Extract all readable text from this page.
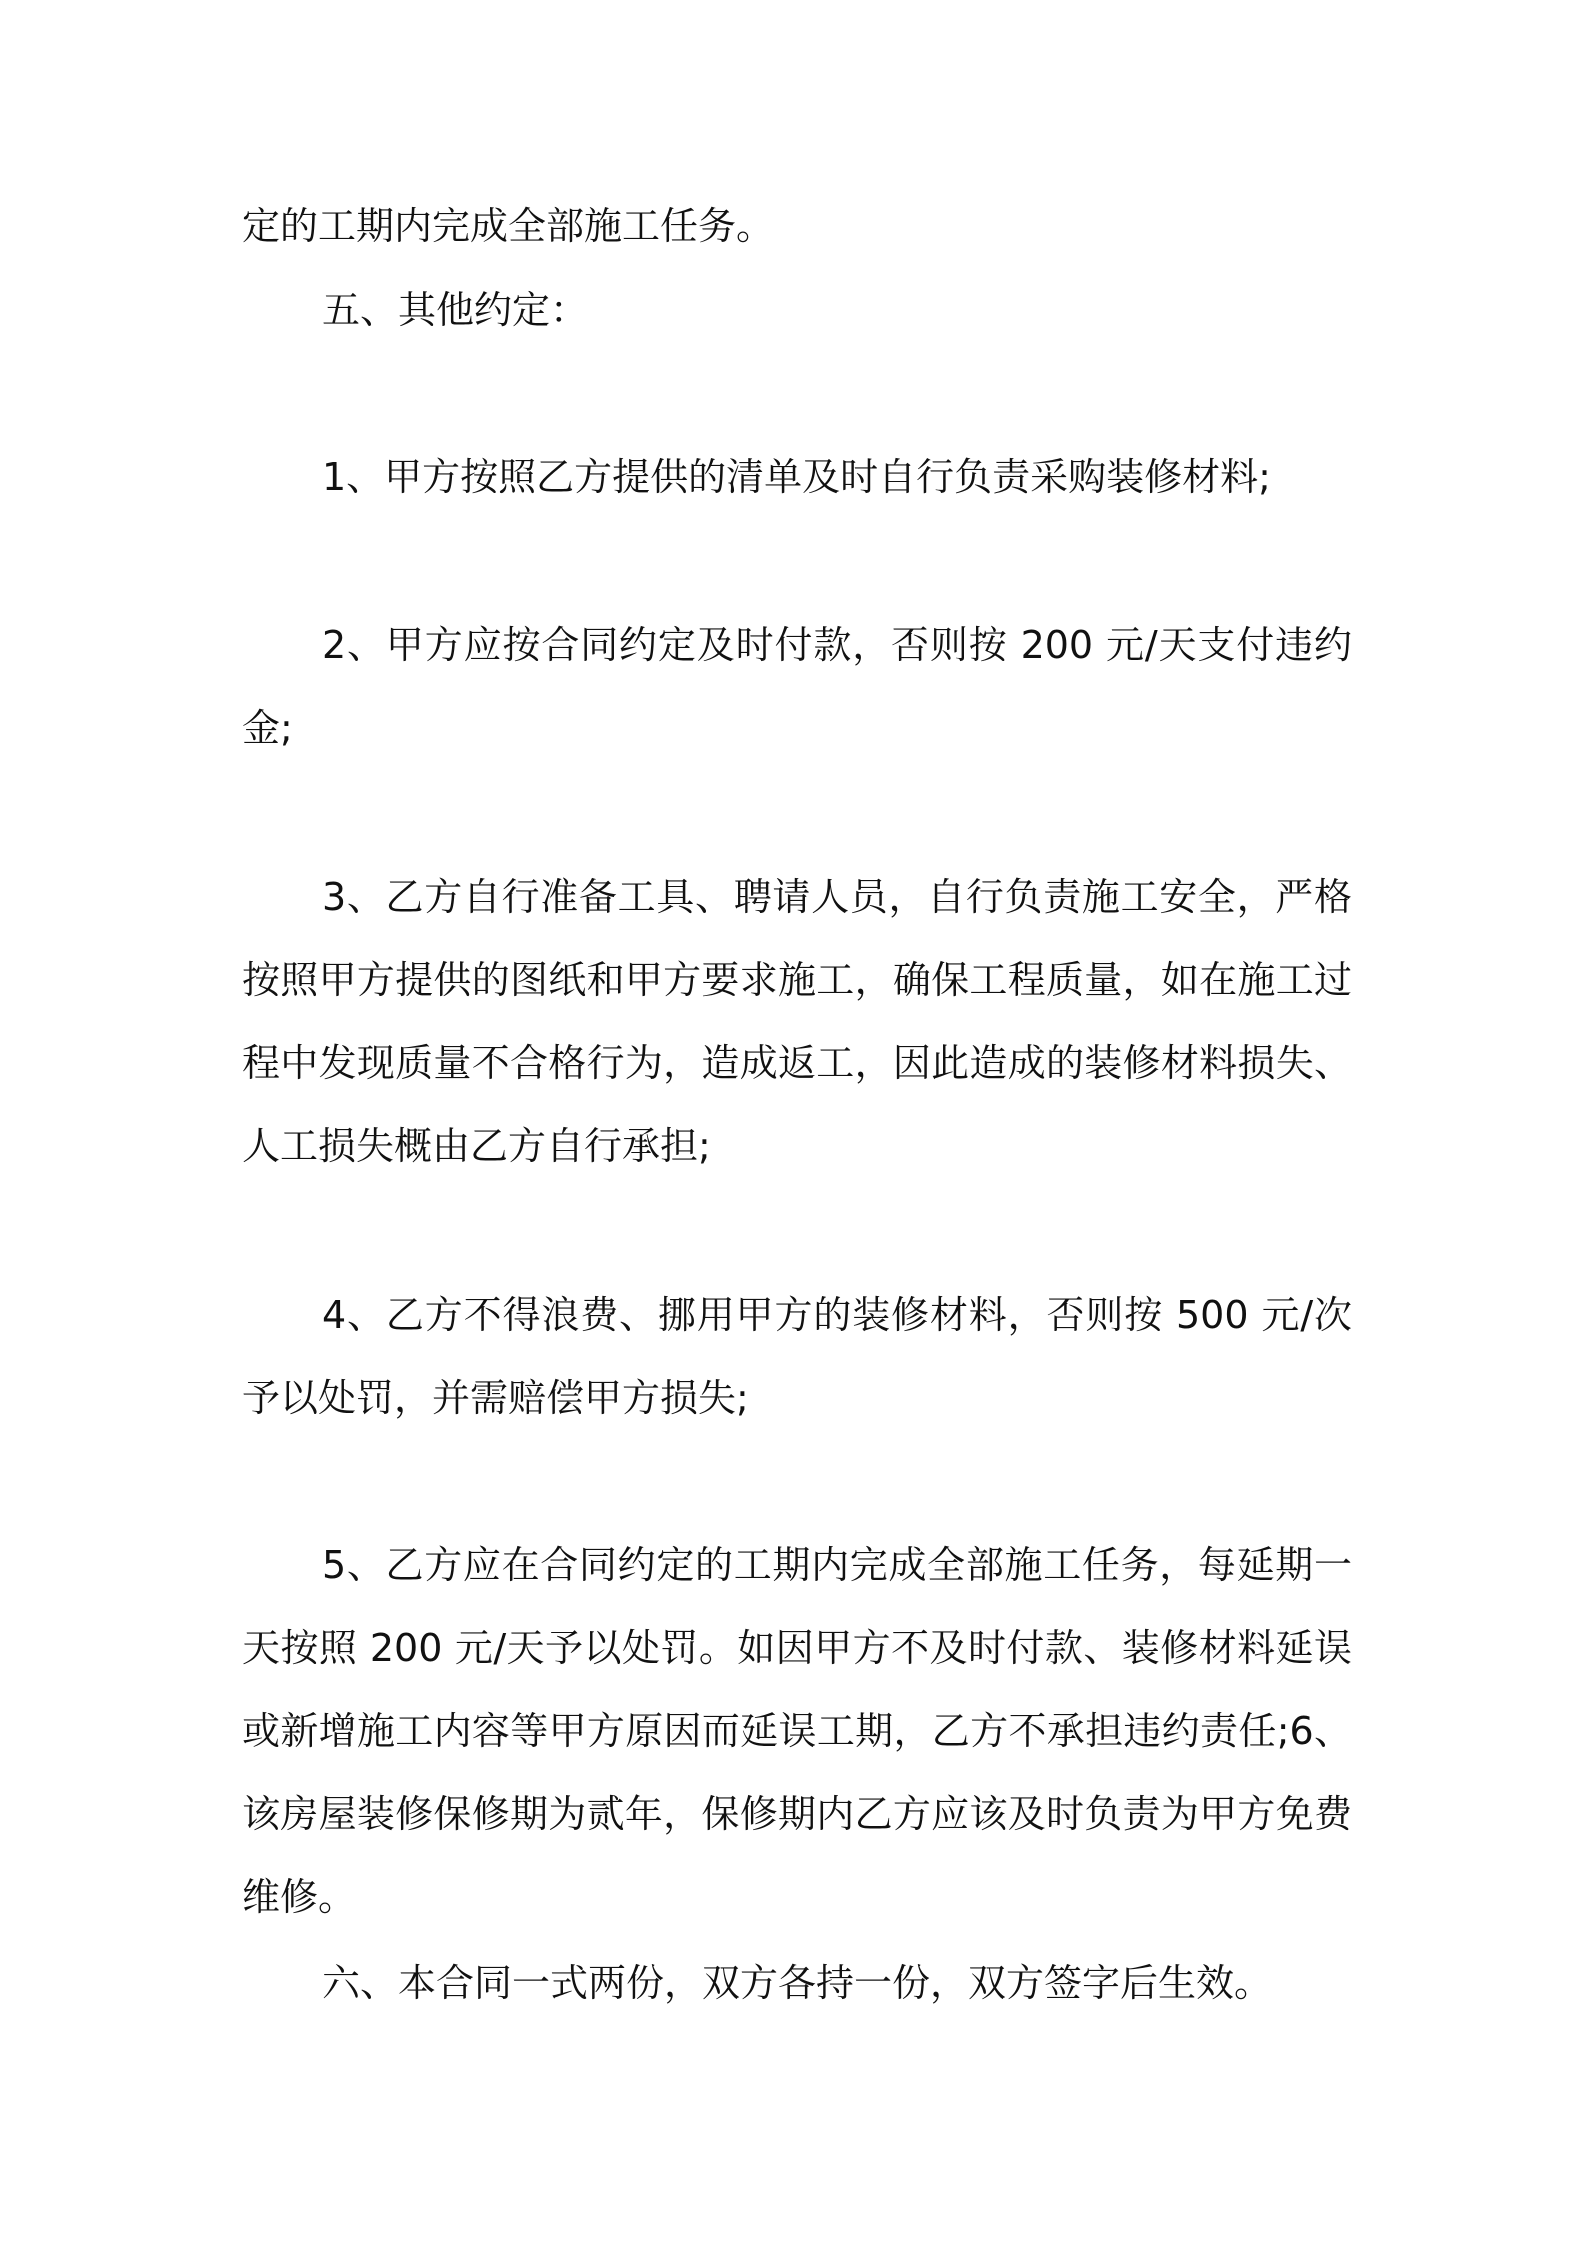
定的工期内完成全部施工任务。

五、其他约定：

1、甲方按照乙方提供的清单及时自行负责采购装修材料;

2、甲方应按合同约定及时付款，否则按 200 元/天支付违约金;

3、乙方自行准备工具、聘请人员，自行负责施工安全，严格按照甲方提供的图纸和甲方要求施工，确保工程质量，如在施工过程中发现质量不合格行为，造成返工，因此造成的装修材料损失、人工损失概由乙方自行承担;

4、乙方不得浪费、挪用甲方的装修材料，否则按 500 元/次予以处罚，并需赔偿甲方损失;

5、乙方应在合同约定的工期内完成全部施工任务，每延期一天按照 200 元/天予以处罚。如因甲方不及时付款、装修材料延误或新增施工内容等甲方原因而延误工期，乙方不承担违约责任;6、该房屋装修保修期为贰年，保修期内乙方应该及时负责为甲方免费维修。

六、本合同一式两份，双方各持一份，双方签字后生效。
